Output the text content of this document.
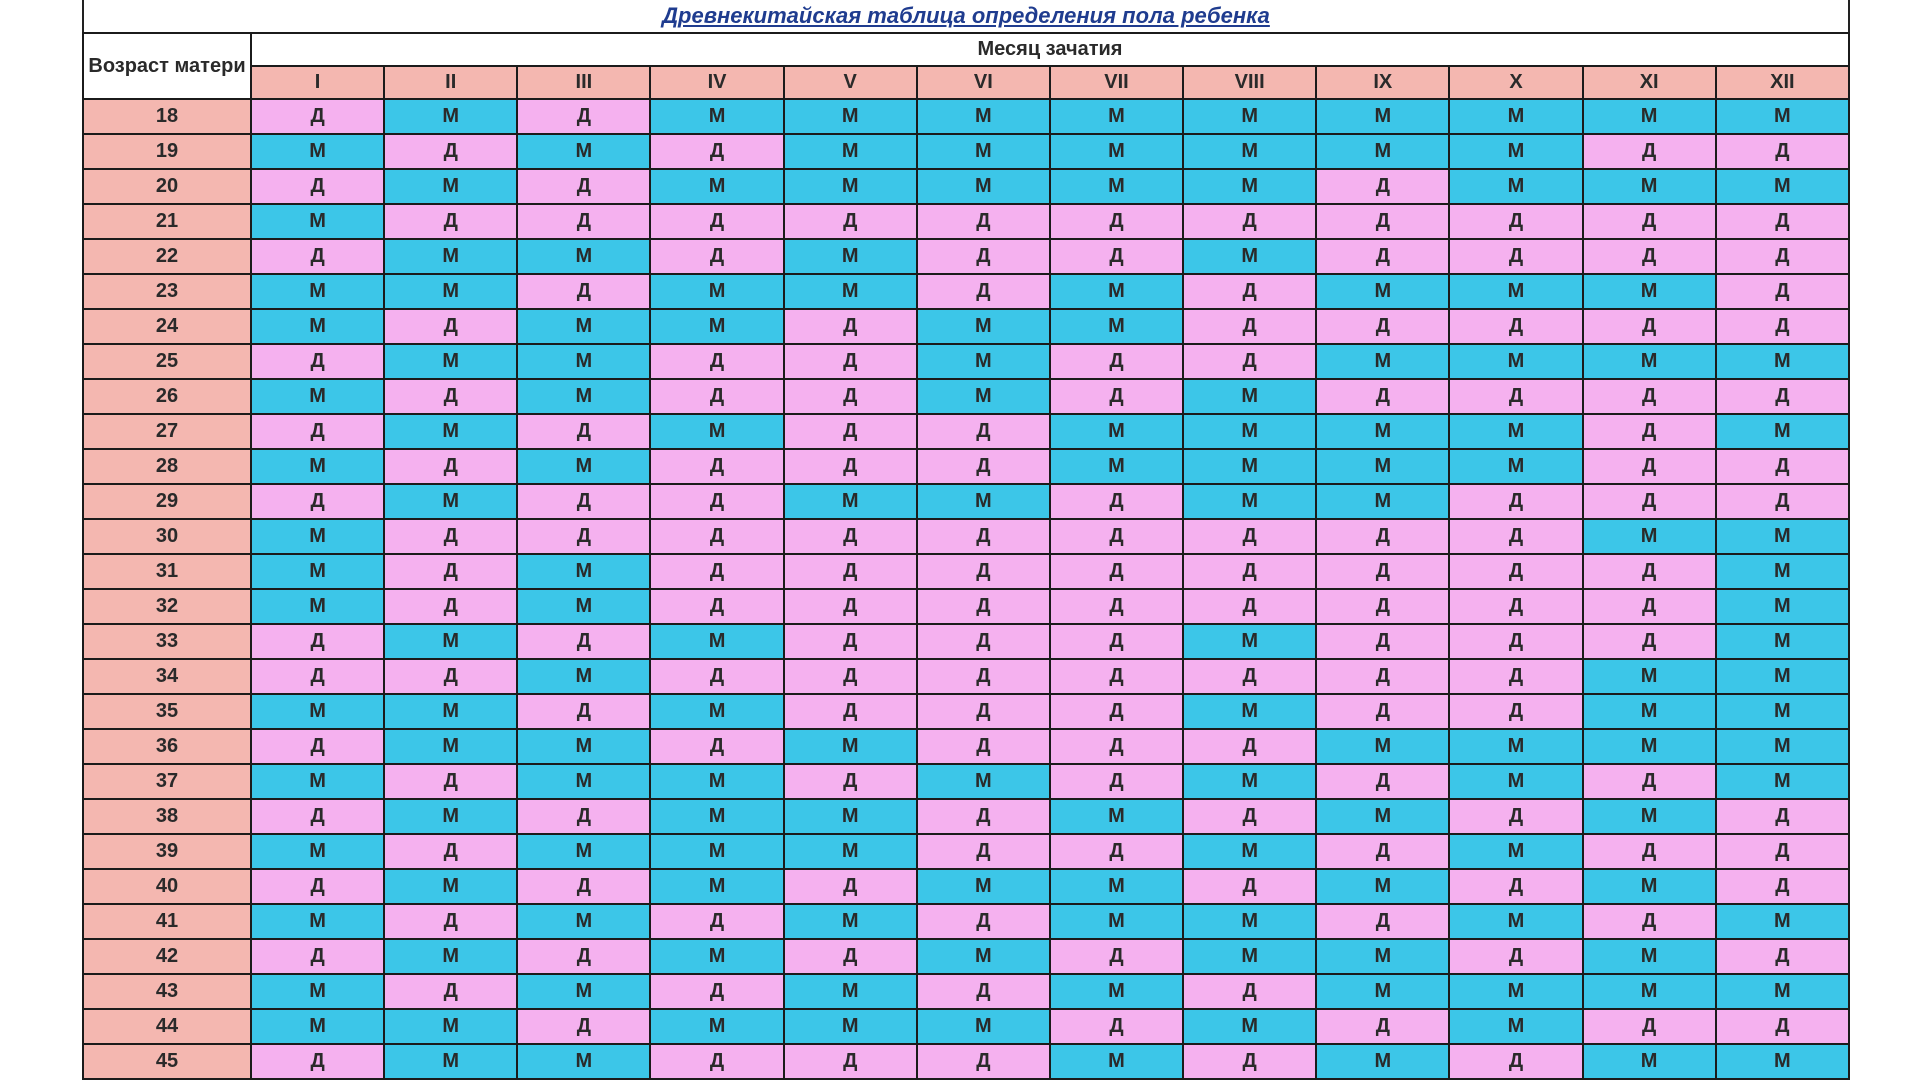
Древнекитайская таблица определения пола ребенка
Возраст матери	Месяц зачатия											
	I	II	III	IV	V	VI	VII	VIII	IX	X	XI	XII
18	Д	М	Д	М	М	М	М	М	М	М	М	М
19	М	Д	М	Д	М	М	М	М	М	М	Д	Д
20	Д	М	Д	М	М	М	М	М	Д	М	М	М
21	М	Д	Д	Д	Д	Д	Д	Д	Д	Д	Д	Д
22	Д	М	М	Д	М	Д	Д	М	Д	Д	Д	Д
23	М	М	Д	М	М	Д	М	Д	М	М	М	Д
24	М	Д	М	М	Д	М	М	Д	Д	Д	Д	Д
25	Д	М	М	Д	Д	М	Д	Д	М	М	М	М
26	М	Д	М	Д	Д	М	Д	М	Д	Д	Д	Д
27	Д	М	Д	М	Д	Д	М	М	М	М	Д	М
28	М	Д	М	Д	Д	Д	М	М	М	М	Д	Д
29	Д	М	Д	Д	М	М	Д	М	М	Д	Д	Д
30	М	Д	Д	Д	Д	Д	Д	Д	Д	Д	М	М
31	М	Д	М	Д	Д	Д	Д	Д	Д	Д	Д	М
32	М	Д	М	Д	Д	Д	Д	Д	Д	Д	Д	М
33	Д	М	Д	М	Д	Д	Д	М	Д	Д	Д	М
34	Д	Д	М	Д	Д	Д	Д	Д	Д	Д	М	М
35	М	М	Д	М	Д	Д	Д	М	Д	Д	М	М
36	Д	М	М	Д	М	Д	Д	Д	М	М	М	М
37	М	Д	М	М	Д	М	Д	М	Д	М	Д	М
38	Д	М	Д	М	М	Д	М	Д	М	Д	М	Д
39	М	Д	М	М	М	Д	Д	М	Д	М	Д	Д
40	Д	М	Д	М	Д	М	М	Д	М	Д	М	Д
41	М	Д	М	Д	М	Д	М	М	Д	М	Д	М
42	Д	М	Д	М	Д	М	Д	М	М	Д	М	Д
43	М	Д	М	Д	М	Д	М	Д	М	М	М	М
44	М	М	Д	М	М	М	Д	М	Д	М	Д	Д
45	Д	М	М	Д	Д	Д	М	Д	М	Д	М	М
